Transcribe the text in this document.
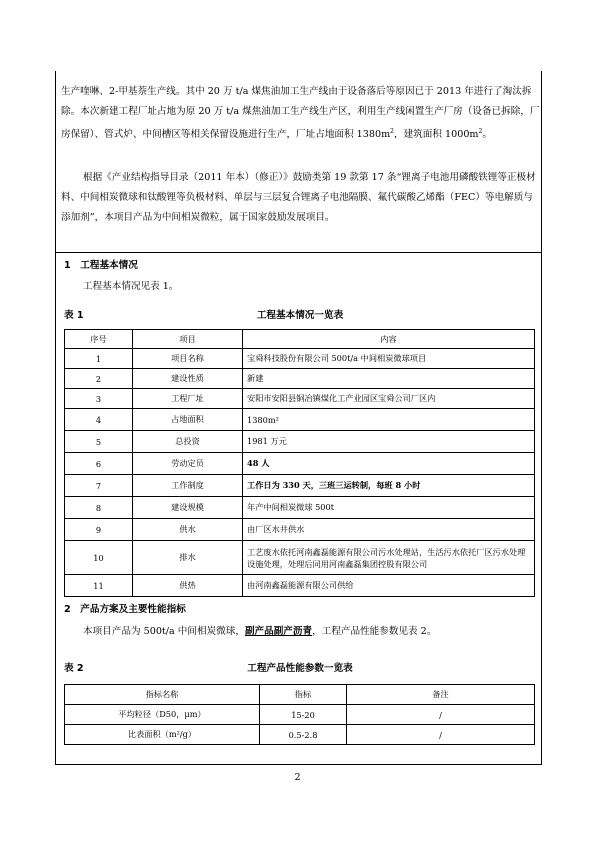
生产喹啉、2-甲基萘生产线。其中 20 万 t/a 煤焦油加工生产线由于设备落后等原因已于 2013 年进行了淘汰拆除。本次新建工程厂址占地为原 20 万 t/a 煤焦油加工生产线生产区，利用生产线闲置生产厂房（设备已拆除，厂房保留）、管式炉、中间槽区等相关保留设施进行生产，厂址占地面积 $1380m^2$，建筑面积 $1000m^2$。
根据《产业结构指导目录（2011 年本）（修正）》鼓励类第 19 款第 17 条“锂离子电池用磷酸铁锂等正极材料、中间相炭微球和钛酸锂等负极材料、单层与三层复合锂离子电池隔膜、氟代碳酸乙烯酯（FEC）等电解质与添加剂”，本项目产品为中间相炭微粒，属于国家鼓励发展项目。
1　工程基本情况
工程基本情况见表 1。
表 1	工程基本情况一览表
序号	项目	内容
1	项目名称	宝舜科技股份有限公司 500t/a 中间相炭微球项目
2	建设性质	新建
3	工程厂址	安阳市安阳县铜冶镇煤化工产业园区宝舜公司厂区内
4	占地面积	1380m²
5	总投资	1981 万元
6	劳动定员	48 人
7	工作制度	工作日为 330 天，三班三运转制，每班 8 小时
8	建设规模	年产中间相炭微球 500t
9	供水	由厂区水井供水
10	排水	工艺废水依托河南鑫磊能源有限公司污水处理站，生活污水依托厂区污水处理设施处理，处理后同用河南鑫磊集团控股有限公司
11	供热	由河南鑫磊能源有限公司供给
2　产品方案及主要性能指标
本项目产品为 500t/a 中间相炭微球，副产品副产沥青，工程产品性能参数见表 2。
表 2	工程产品性能参数一览表
指标名称	指标	备注
平均粒径（D50，μm）	15-20	/
比表面积（m²/g）	0.5-2.8	/
2
